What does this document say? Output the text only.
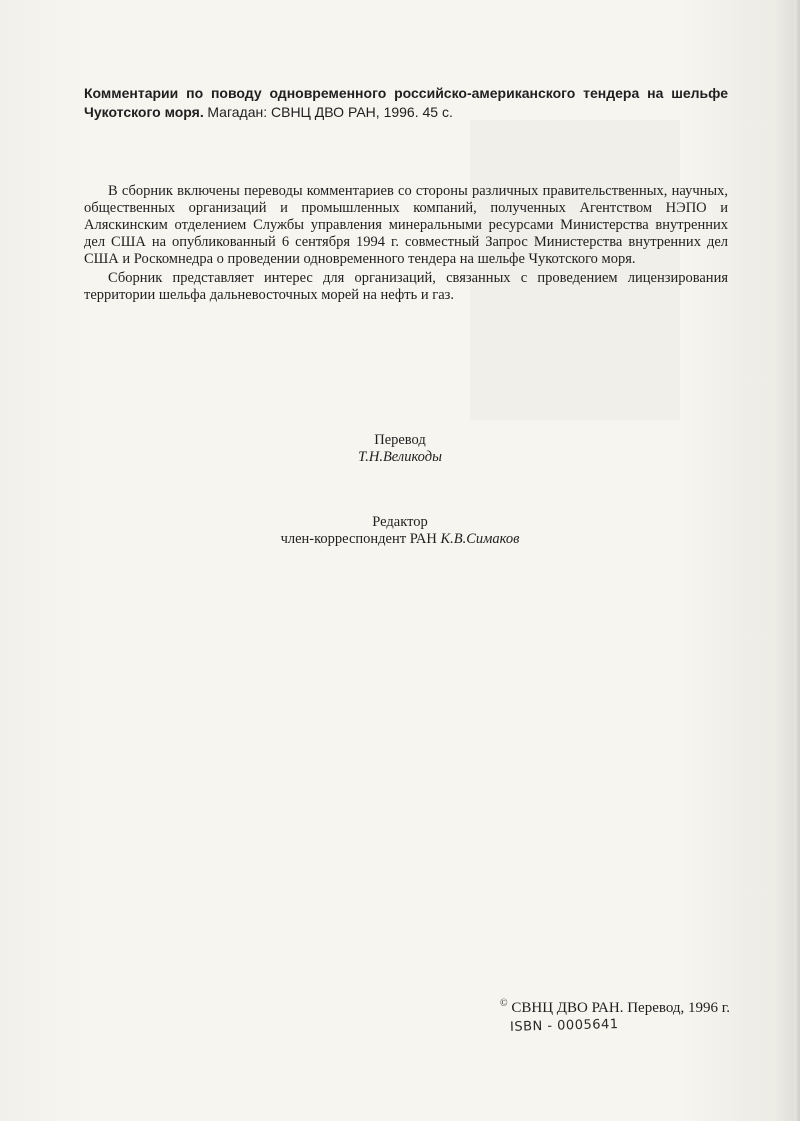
Комментарии по поводу одновременного российско-американского тендера на шельфе Чукотского моря. Магадан: СВНЦ ДВО РАН, 1996. 45 с.

В сборник включены переводы комментариев со стороны различных правительственных, научных, общественных организаций и промышленных компаний, полученных Агентством НЭПО и Аляскинским отделением Службы управления минеральными ресурсами Министерства внутренних дел США на опубликованный 6 сентября 1994 г. совместный Запрос Министерства внутренних дел США и Роскомнедра о проведении одновременного тендера на шельфе Чукотского моря.

Сборник представляет интерес для организаций, связанных с проведением лицензирования территории шельфа дальневосточных морей на нефть и газ.

Перевод
Т.Н.Великоды
Редактор
член-корреспондент РАН К.В.Симаков
© СВНЦ ДВО РАН. Перевод, 1996 г.
ISBN - 0005641
